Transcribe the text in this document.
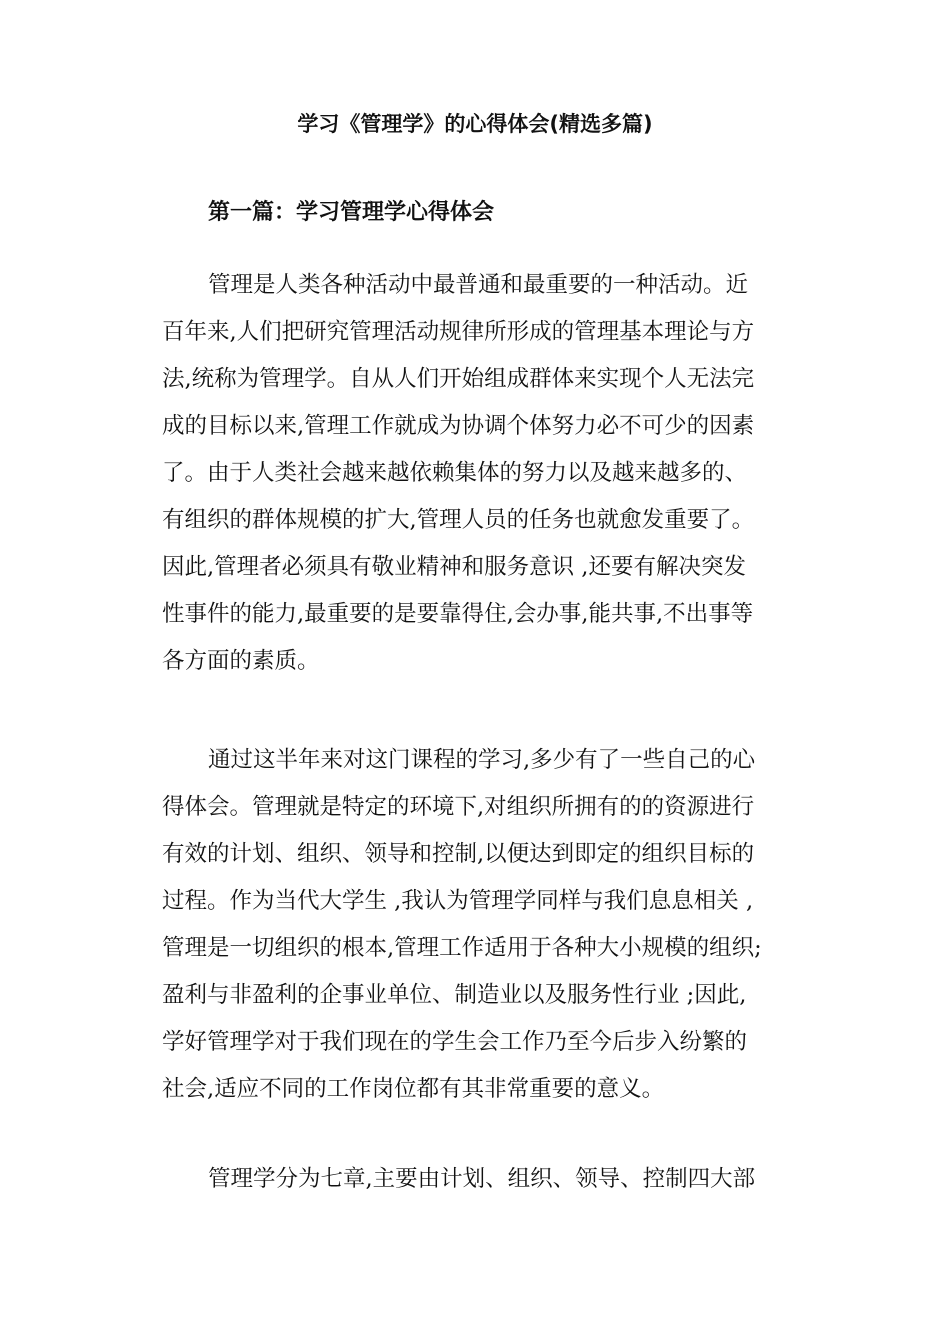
学习《管理学》的心得体会(精选多篇)
第一篇：学习管理学心得体会

管理是人类各种活动中最普通和最重要的一种活动。近
百年来,人们把研究管理活动规律所形成的管理基本理论与方
法,统称为管理学。自从人们开始组成群体来实现个人无法完
成的目标以来,管理工作就成为协调个体努力必不可少的因素
了。由于人类社会越来越依赖集体的努力以及越来越多的、
有组织的群体规模的扩大,管理人员的任务也就愈发重要了。
因此,管理者必须具有敬业精神和服务意识 ,还要有解决突发
性事件的能力,最重要的是要靠得住,会办事,能共事,不出事等
各方面的素质。

通过这半年来对这门课程的学习,多少有了一些自己的心
得体会。管理就是特定的环境下,对组织所拥有的的资源进行
有效的计划、组织、领导和控制,以便达到即定的组织目标的
过程。作为当代大学生 ,我认为管理学同样与我们息息相关 ,
管理是一切组织的根本,管理工作适用于各种大小规模的组织;
盈利与非盈利的企事业单位、制造业以及服务性行业 ;因此,
学好管理学对于我们现在的学生会工作乃至今后步入纷繁的
社会,适应不同的工作岗位都有其非常重要的意义。

管理学分为七章,主要由计划、组织、领导、控制四大部
